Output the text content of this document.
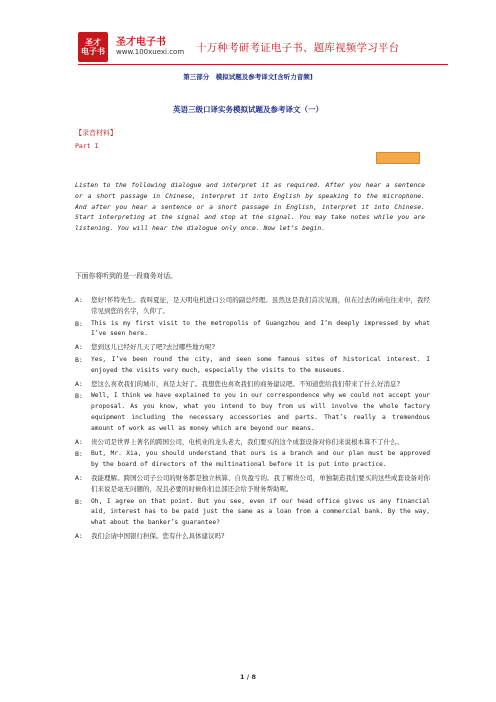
圣才
电子书
圣才电子书
www.100xuexi.com 十万种考研考证电子书、题库视频学习平台
第三部分　模拟试题及参考译文[含听力音频]
英语三级口译实务模拟试题及参考译文（一）
【录音材料】
Part I
Listen to the following dialogue and interpret it as required. After you hear a sentence or a short passage in Chinese, interpret it into English by speaking to the microphone. And after you hear a sentence or a short passage in English, interpret it into Chinese. Start interpreting at the signal and stop at the signal. You may take notes while you are listening. You will hear the dialogue only once. Now let’s begin.
下面你将听到的是一段商务对话。
A:	您好!怀特先生。我叫夏征，是天明电机进口公司的副总经理。虽然这是我们首次见面，但在过去的函电往来中，我经常见到您的名字，久仰了。
B:	This is my first visit to the metropolis of Guangzhou and I’m deeply impressed by what I’ve seen here.
A:	您到这儿已经好几天了吧?去过哪些地方呢?
B:	Yes, I’ve been round the city, and seen some famous sites of historical interest. I enjoyed the visits very much, especially the visits to the museums.
A:	您这么喜欢我们的城市，真是太好了。我想您也喜欢我们的商务建议吧。不知道您给我们带来了什么好消息?
B:	Well, I think we have explained to you in our correspondence why we could not accept your proposal. As you know, what you intend to buy from us will involve the whole factory equipment including the necessary accessories and parts. That’s really a tremendous amount of work as well as money which are beyond our means.
A:	贵公司是世界上著名的跨国公司，电机业的龙头老大，我们要买的这个成套设备对你们来说根本算不了什么。
B:	But, Mr. Xia, you should understand that ours is a branch and our plan must be approved by the board of directors of the multinational before it is put into practice.
A:	我能理解。跨国公司子公司的财务都是独立核算、自负盈亏的。我了解贵公司，单独制造我们要买的这些成套设备对你们来说是毫无问题的，况且必要的时候你们总部还会给予财务帮助呢。
B:	Oh, I agree on that point. But you see, even if our head office gives us any financial aid, interest has to be paid just the same as a loan from a commercial bank. By the way, what about the banker’s guarantee?
A:	我们会请中国银行担保。您有什么具体建议吗?
1 / 8
